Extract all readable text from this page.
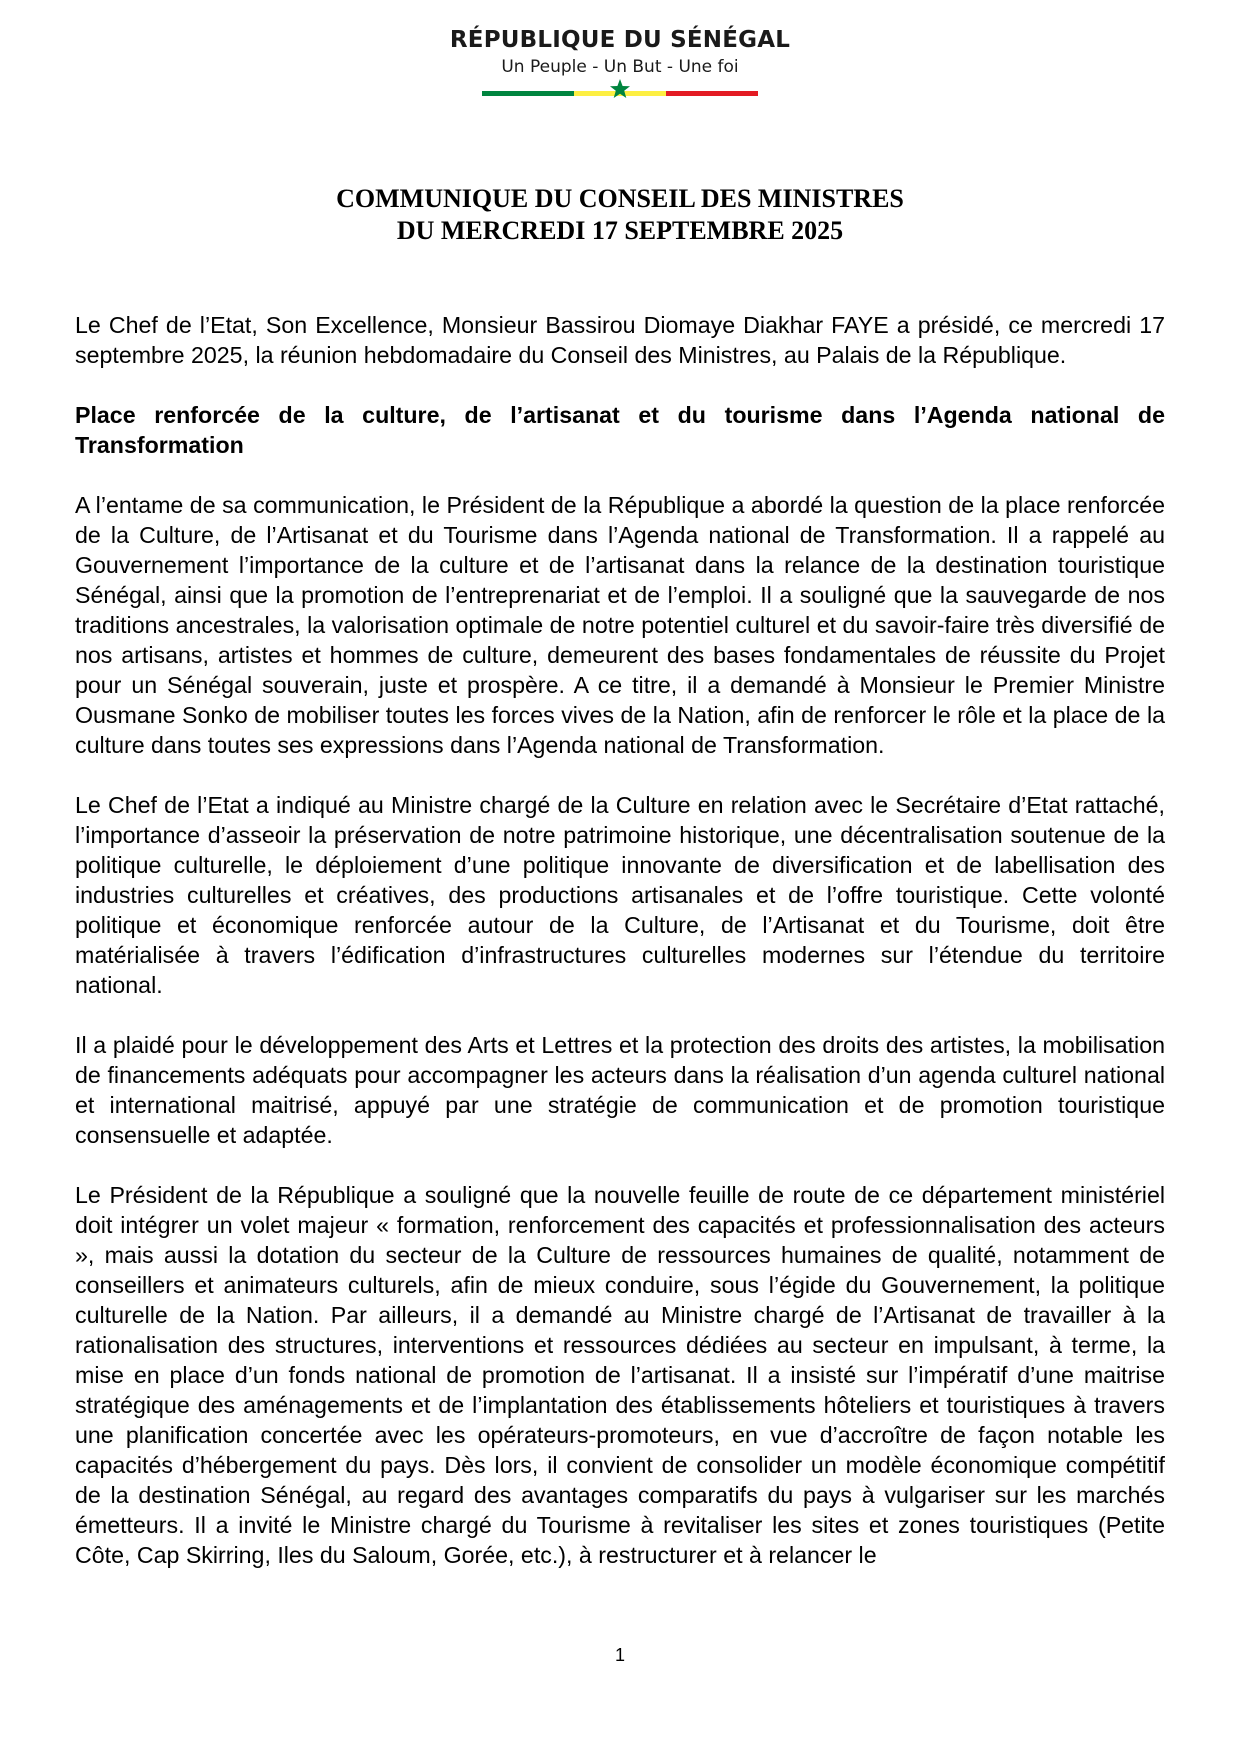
RÉPUBLIQUE DU SÉNÉGAL
Un Peuple - Un But - Une foi
COMMUNIQUE DU CONSEIL DES MINISTRES
DU MERCREDI 17 SEPTEMBRE 2025

Le Chef de l’Etat, Son Excellence, Monsieur Bassirou Diomaye Diakhar FAYE a présidé, ce mercredi 17 septembre 2025, la réunion hebdomadaire du Conseil des Ministres, au Palais de la République.

Place renforcée de la culture, de l’artisanat et du tourisme dans l’Agenda national de Transformation

A l’entame de sa communication, le Président de la République a abordé la question de la place renforcée de la Culture, de l’Artisanat et du Tourisme dans l’Agenda national de Transformation. Il a rappelé au Gouvernement l’importance de la culture et de l’artisanat dans la relance de la destination touristique Sénégal, ainsi que la promotion de l’entreprenariat et de l’emploi. Il a souligné que la sauvegarde de nos traditions ancestrales, la valorisation optimale de notre potentiel culturel et du savoir-faire très diversifié de nos artisans, artistes et hommes de culture, demeurent des bases fondamentales de réussite du Projet pour un Sénégal souverain, juste et prospère. A ce titre, il a demandé à Monsieur le Premier Ministre Ousmane Sonko de mobiliser toutes les forces vives de la Nation, afin de renforcer le rôle et la place de la culture dans toutes ses expressions dans l’Agenda national de Transformation.

Le Chef de l’Etat a indiqué au Ministre chargé de la Culture en relation avec le Secrétaire d’Etat rattaché, l’importance d’asseoir la préservation de notre patrimoine historique, une décentralisation soutenue de la politique culturelle, le déploiement d’une politique innovante de diversification et de labellisation des industries culturelles et créatives, des productions artisanales et de l’offre touristique. Cette volonté politique et économique renforcée autour de la Culture, de l’Artisanat et du Tourisme, doit être matérialisée à travers l’édification d’infrastructures culturelles modernes sur l’étendue du territoire national.

Il a plaidé pour le développement des Arts et Lettres et la protection des droits des artistes, la mobilisation de financements adéquats pour accompagner les acteurs dans la réalisation d’un agenda culturel national et international maitrisé, appuyé par une stratégie de communication et de promotion touristique consensuelle et adaptée.

Le Président de la République a souligné que la nouvelle feuille de route de ce département ministériel doit intégrer un volet majeur « formation, renforcement des capacités et professionnalisation des acteurs », mais aussi la dotation du secteur de la Culture de ressources humaines de qualité, notamment de conseillers et animateurs culturels, afin de mieux conduire, sous l’égide du Gouvernement, la politique culturelle de la Nation. Par ailleurs, il a demandé au Ministre chargé de l’Artisanat de travailler à la rationalisation des structures, interventions et ressources dédiées au secteur en impulsant, à terme, la mise en place d’un fonds national de promotion de l’artisanat. Il a insisté sur l’impératif d’une maitrise stratégique des aménagements et de l’implantation des établissements hôteliers et touristiques à travers une planification concertée avec les opérateurs-promoteurs, en vue d’accroître de façon notable les capacités d’hébergement du pays. Dès lors, il convient de consolider un modèle économique compétitif de la destination Sénégal, au regard des avantages comparatifs du pays à vulgariser sur les marchés émetteurs. Il a invité le Ministre chargé du Tourisme à revitaliser les sites et zones touristiques (Petite Côte, Cap Skirring, Iles du Saloum, Gorée, etc.), à restructurer et à relancer le

1
